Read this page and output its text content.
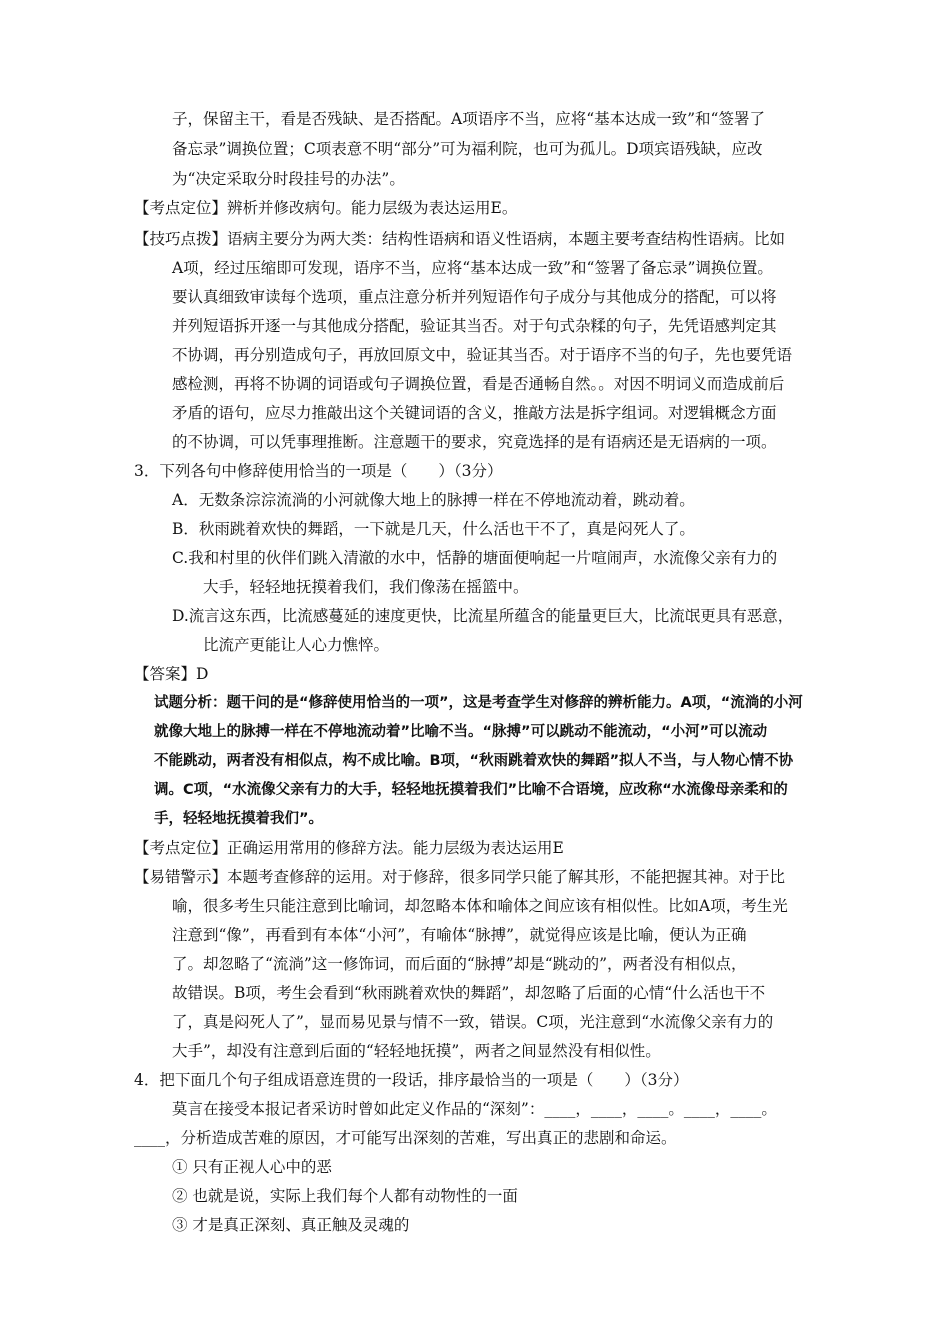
子，保留主干，看是否残缺、是否搭配。A项语序不当，应将“基本达成一致”和“签署了
备忘录”调换位置；C项表意不明“部分”可为福利院，也可为孤儿。D项宾语残缺，应改
为“决定采取分时段挂号的办法”。
【考点定位】辨析并修改病句。能力层级为表达运用E。
【技巧点拨】语病主要分为两大类：结构性语病和语义性语病，本题主要考查结构性语病。比如
A项，经过压缩即可发现，语序不当，应将“基本达成一致”和“签署了备忘录”调换位置。
要认真细致审读每个选项，重点注意分析并列短语作句子成分与其他成分的搭配，可以将
并列短语拆开逐一与其他成分搭配，验证其当否。对于句式杂糅的句子，先凭语感判定其
不协调，再分别造成句子，再放回原文中，验证其当否。对于语序不当的句子，先也要凭语
感检测，再将不协调的词语或句子调换位置，看是否通畅自然。。对因不明词义而造成前后
矛盾的语句，应尽力推敲出这个关键词语的含义，推敲方法是拆字组词。对逻辑概念方面
的不协调，可以凭事理推断。注意题干的要求，究竟选择的是有语病还是无语病的一项。
3．下列各句中修辞使用恰当的一项是（　　）（3分）
A．无数条淙淙流淌的小河就像大地上的脉搏一样在不停地流动着，跳动着。
B．秋雨跳着欢快的舞蹈，一下就是几天，什么活也干不了，真是闷死人了。
C.我和村里的伙伴们跳入清澈的水中，恬静的塘面便响起一片喧闹声，水流像父亲有力的
大手，轻轻地抚摸着我们，我们像荡在摇篮中。
D.流言这东西，比流感蔓延的速度更快，比流星所蕴含的能量更巨大，比流氓更具有恶意，
比流产更能让人心力憔悴。
【答案】D
试题分析：题干问的是“修辞使用恰当的一项”，这是考查学生对修辞的辨析能力。A项，“流淌的小河
就像大地上的脉搏一样在不停地流动着”比喻不当。“脉搏”可以跳动不能流动，“小河”可以流动
不能跳动，两者没有相似点，构不成比喻。B项，“秋雨跳着欢快的舞蹈”拟人不当，与人物心情不协
调。C项，“水流像父亲有力的大手，轻轻地抚摸着我们”比喻不合语境，应改称“水流像母亲柔和的
手，轻轻地抚摸着我们”。
【考点定位】正确运用常用的修辞方法。能力层级为表达运用E
【易错警示】本题考查修辞的运用。对于修辞，很多同学只能了解其形，不能把握其神。对于比
喻，很多考生只能注意到比喻词，却忽略本体和喻体之间应该有相似性。比如A项，考生光
注意到“像”，再看到有本体“小河”，有喻体“脉搏”，就觉得应该是比喻，便认为正确
了。却忽略了“流淌”这一修饰词，而后面的“脉搏”却是“跳动的”，两者没有相似点，
故错误。B项，考生会看到“秋雨跳着欢快的舞蹈”，却忽略了后面的心情“什么活也干不
了，真是闷死人了”，显而易见景与情不一致，错误。C项，光注意到“水流像父亲有力的
大手”，却没有注意到后面的“轻轻地抚摸”，两者之间显然没有相似性。
4．把下面几个句子组成语意连贯的一段话，排序最恰当的一项是（　　）（3分）
莫言在接受本报记者采访时曾如此定义作品的“深刻”：____，____，____。____，____。
____，分析造成苦难的原因，才可能写出深刻的苦难，写出真正的悲剧和命运。
① 只有正视人心中的恶
② 也就是说，实际上我们每个人都有动物性的一面
③ 才是真正深刻、真正触及灵魂的
